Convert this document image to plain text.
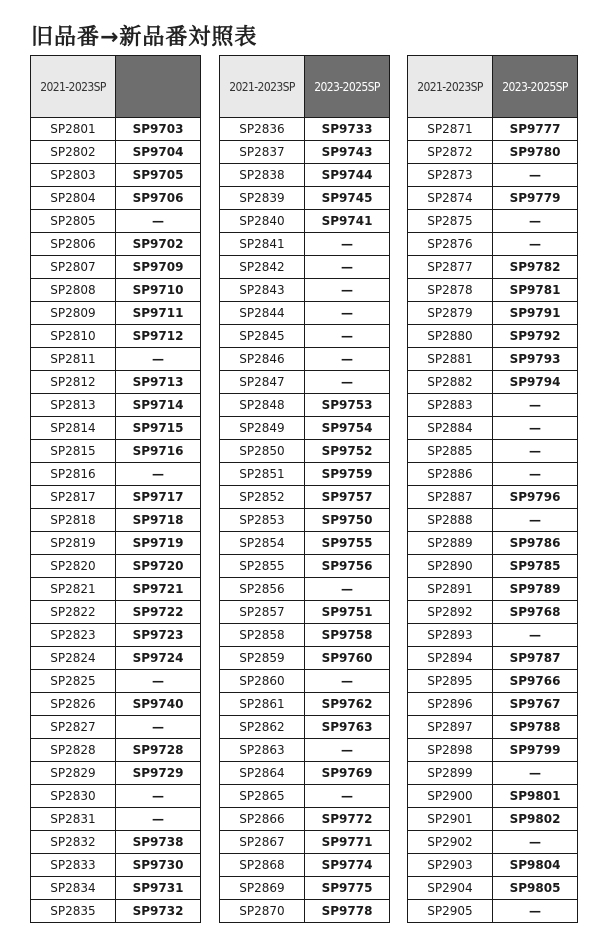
旧品番→新品番対照表
2021-2023SP	
SP2801	SP9703
SP2802	SP9704
SP2803	SP9705
SP2804	SP9706
SP2805	—
SP2806	SP9702
SP2807	SP9709
SP2808	SP9710
SP2809	SP9711
SP2810	SP9712
SP2811	—
SP2812	SP9713
SP2813	SP9714
SP2814	SP9715
SP2815	SP9716
SP2816	—
SP2817	SP9717
SP2818	SP9718
SP2819	SP9719
SP2820	SP9720
SP2821	SP9721
SP2822	SP9722
SP2823	SP9723
SP2824	SP9724
SP2825	—
SP2826	SP9740
SP2827	—
SP2828	SP9728
SP2829	SP9729
SP2830	—
SP2831	—
SP2832	SP9738
SP2833	SP9730
SP2834	SP9731
SP2835	SP9732
2021-2023SP	2023-2025SP
SP2836	SP9733
SP2837	SP9743
SP2838	SP9744
SP2839	SP9745
SP2840	SP9741
SP2841	—
SP2842	—
SP2843	—
SP2844	—
SP2845	—
SP2846	—
SP2847	—
SP2848	SP9753
SP2849	SP9754
SP2850	SP9752
SP2851	SP9759
SP2852	SP9757
SP2853	SP9750
SP2854	SP9755
SP2855	SP9756
SP2856	—
SP2857	SP9751
SP2858	SP9758
SP2859	SP9760
SP2860	—
SP2861	SP9762
SP2862	SP9763
SP2863	—
SP2864	SP9769
SP2865	—
SP2866	SP9772
SP2867	SP9771
SP2868	SP9774
SP2869	SP9775
SP2870	SP9778
2021-2023SP	2023-2025SP
SP2871	SP9777
SP2872	SP9780
SP2873	—
SP2874	SP9779
SP2875	—
SP2876	—
SP2877	SP9782
SP2878	SP9781
SP2879	SP9791
SP2880	SP9792
SP2881	SP9793
SP2882	SP9794
SP2883	—
SP2884	—
SP2885	—
SP2886	—
SP2887	SP9796
SP2888	—
SP2889	SP9786
SP2890	SP9785
SP2891	SP9789
SP2892	SP9768
SP2893	—
SP2894	SP9787
SP2895	SP9766
SP2896	SP9767
SP2897	SP9788
SP2898	SP9799
SP2899	—
SP2900	SP9801
SP2901	SP9802
SP2902	—
SP2903	SP9804
SP2904	SP9805
SP2905	—
